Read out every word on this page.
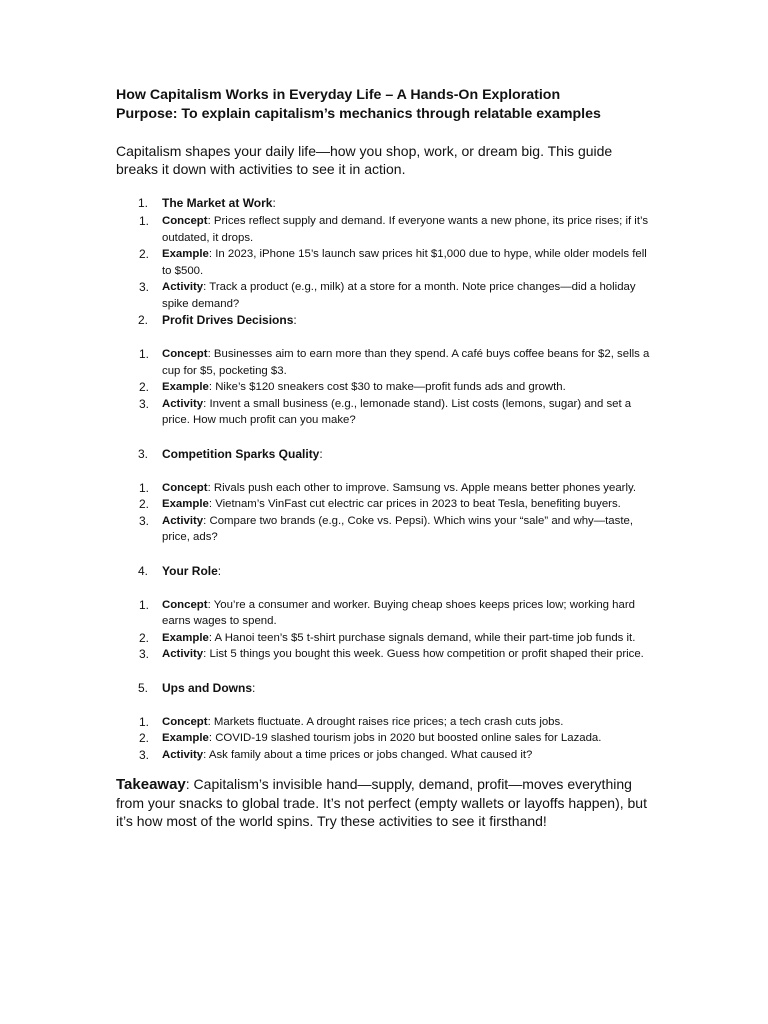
How Capitalism Works in Everyday Life – A Hands-On Exploration
Purpose: To explain capitalism’s mechanics through relatable examples
Capitalism shapes your daily life—how you shop, work, or dream big. This guide breaks it down with activities to see it in action.
1. The Market at Work:
1. Concept: Prices reflect supply and demand. If everyone wants a new phone, its price rises; if it’s outdated, it drops.
2. Example: In 2023, iPhone 15’s launch saw prices hit $1,000 due to hype, while older models fell to $500.
3. Activity: Track a product (e.g., milk) at a store for a month. Note price changes—did a holiday spike demand?
2. Profit Drives Decisions:
1. Concept: Businesses aim to earn more than they spend. A café buys coffee beans for $2, sells a cup for $5, pocketing $3.
2. Example: Nike’s $120 sneakers cost $30 to make—profit funds ads and growth.
3. Activity: Invent a small business (e.g., lemonade stand). List costs (lemons, sugar) and set a price. How much profit can you make?
3. Competition Sparks Quality:
1. Concept: Rivals push each other to improve. Samsung vs. Apple means better phones yearly.
2. Example: Vietnam’s VinFast cut electric car prices in 2023 to beat Tesla, benefiting buyers.
3. Activity: Compare two brands (e.g., Coke vs. Pepsi). Which wins your “sale” and why—taste, price, ads?
4. Your Role:
1. Concept: You’re a consumer and worker. Buying cheap shoes keeps prices low; working hard earns wages to spend.
2. Example: A Hanoi teen’s $5 t-shirt purchase signals demand, while their part-time job funds it.
3. Activity: List 5 things you bought this week. Guess how competition or profit shaped their price.
5. Ups and Downs:
1. Concept: Markets fluctuate. A drought raises rice prices; a tech crash cuts jobs.
2. Example: COVID-19 slashed tourism jobs in 2020 but boosted online sales for Lazada.
3. Activity: Ask family about a time prices or jobs changed. What caused it?
Takeaway: Capitalism’s invisible hand—supply, demand, profit—moves everything from your snacks to global trade. It’s not perfect (empty wallets or layoffs happen), but it’s how most of the world spins. Try these activities to see it firsthand!
